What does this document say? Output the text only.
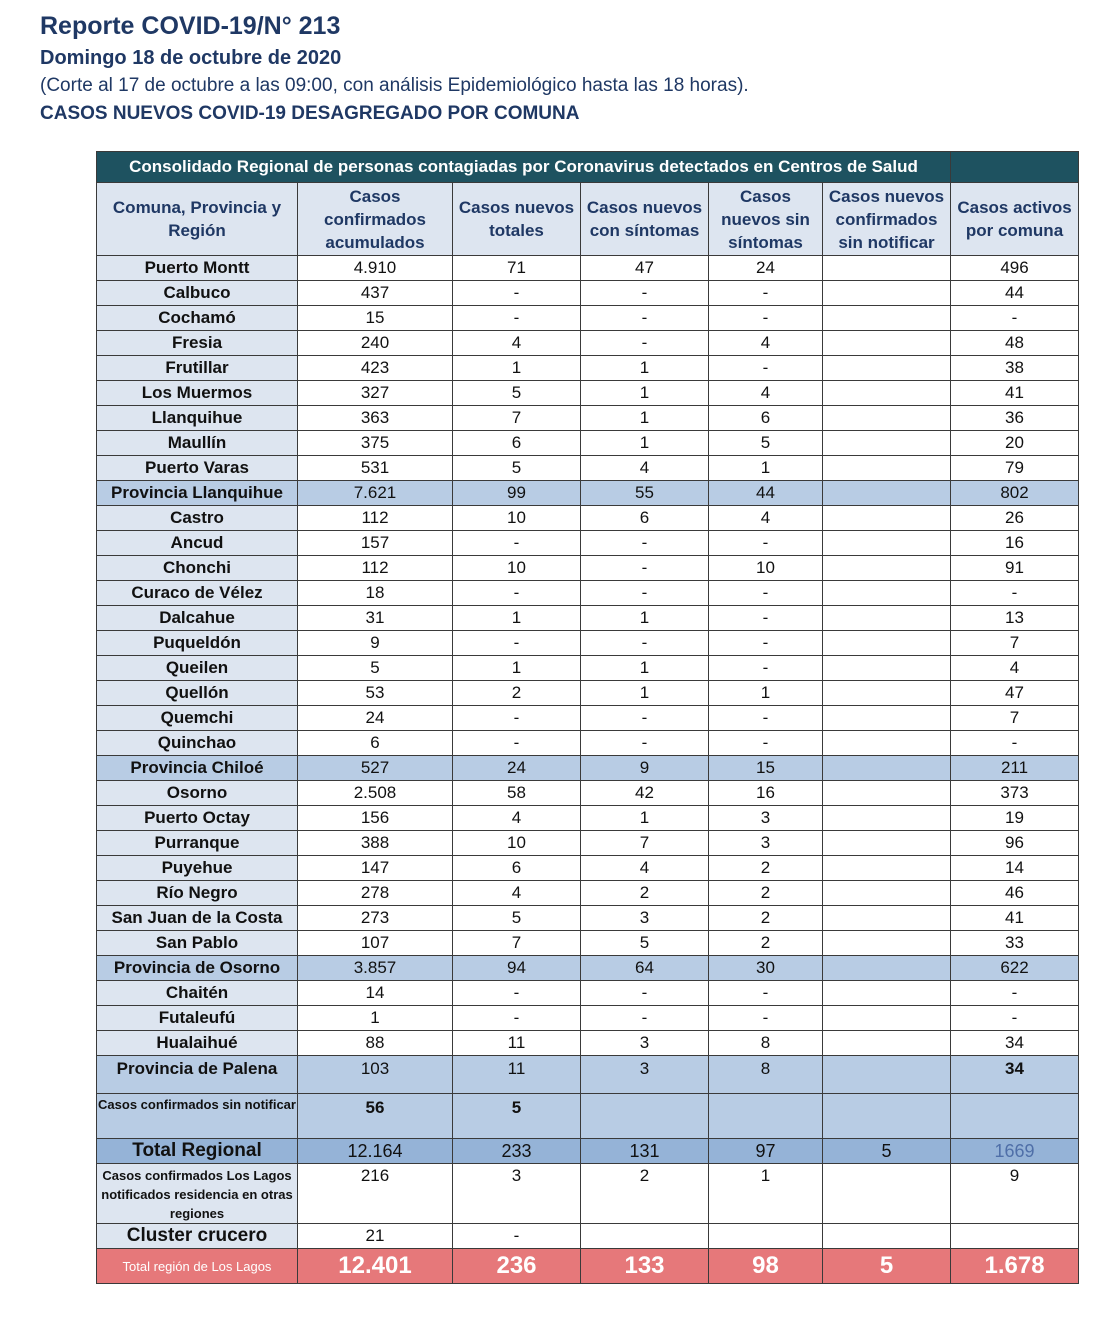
Reporte COVID-19/N° 213
Domingo 18 de octubre de 2020
(Corte al 17 de octubre a las 09:00, con análisis Epidemiológico hasta las 18 horas).
CASOS NUEVOS COVID-19 DESAGREGADO POR COMUNA
Consolidado Regional de personas contagiadas por Coronavirus detectados en Centros de Salud						
Comuna, Provincia y Región	Casos confirmados acumulados	Casos nuevos totales	Casos nuevos con síntomas	Casos nuevos sin síntomas	Casos nuevos confirmados sin notificar	Casos activos por comuna
Puerto Montt	4.910	71	47	24		496
Calbuco	437	-	-	-		44
Cochamó	15	-	-	-		-
Fresia	240	4	-	4		48
Frutillar	423	1	1	-		38
Los Muermos	327	5	1	4		41
Llanquihue	363	7	1	6		36
Maullín	375	6	1	5		20
Puerto Varas	531	5	4	1		79
Provincia Llanquihue	7.621	99	55	44		802
Castro	112	10	6	4		26
Ancud	157	-	-	-		16
Chonchi	112	10	-	10		91
Curaco de Vélez	18	-	-	-		-
Dalcahue	31	1	1	-		13
Puqueldón	9	-	-	-		7
Queilen	5	1	1	-		4
Quellón	53	2	1	1		47
Quemchi	24	-	-	-		7
Quinchao	6	-	-	-		-
Provincia Chiloé	527	24	9	15		211
Osorno	2.508	58	42	16		373
Puerto Octay	156	4	1	3		19
Purranque	388	10	7	3		96
Puyehue	147	6	4	2		14
Río Negro	278	4	2	2		46
San Juan de la Costa	273	5	3	2		41
San Pablo	107	7	5	2		33
Provincia de Osorno	3.857	94	64	30		622
Chaitén	14	-	-	-		-
Futaleufú	1	-	-	-		-
Hualaihué	88	11	3	8		34
Provincia de Palena	103	11	3	8		34
Casos confirmados sin notificar	56	5				
Total Regional	12.164	233	131	97	5	1669
Casos confirmados Los Lagos notificados residencia en otras regiones	216	3	2	1		9
Cluster crucero	21	-				
Total región de Los Lagos	12.401	236	133	98	5	1.678
